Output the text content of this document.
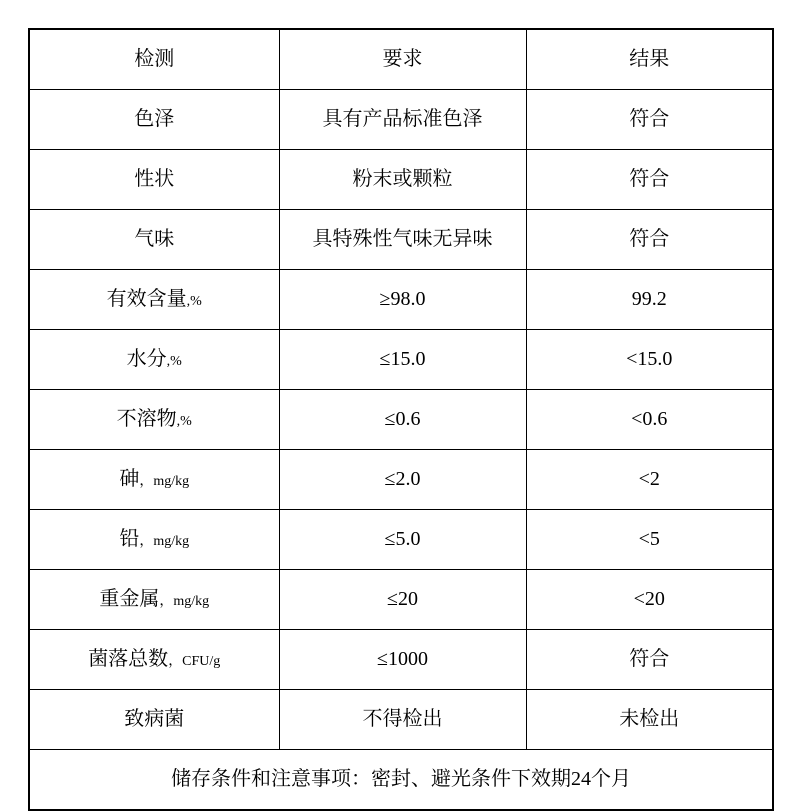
检测	要求	结果
色泽	具有产品标准色泽	符合
性状	粉末或颗粒	符合
气味	具特殊性气味无异味	符合
有效含量,%	≥98.0	99.2
水分,%	≤15.0	<15.0
不溶物,%	≤0.6	<0.6
砷，mg/kg	≤2.0	<2
铅，mg/kg	≤5.0	<5
重金属，mg/kg	≤20	<20
菌落总数，CFU/g	≤1000	符合
致病菌	不得检出	未检出
储存条件和注意事项：密封、避光条件下效期24个月		
